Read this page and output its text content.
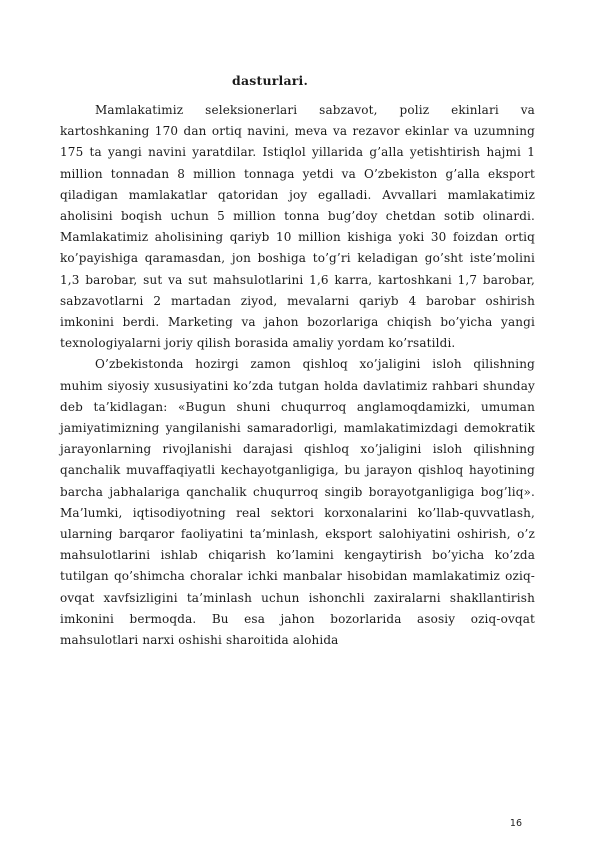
dasturlari.

Mamlakatimiz seleksionerlari sabzavot, poliz ekinlari va kartoshkaning 170 dan ortiq navini, meva va rezavor ekinlar va uzumning 175 ta yangi navini yaratdilar. Istiqlol yillarida g’alla yetishtirish hajmi 1 million tonnadan 8 million tonnaga yetdi va O’zbekiston g’alla eksport qiladigan mamlakatlar qatoridan joy egalladi. Avvallari mamlakatimiz aholisini boqish uchun 5 million tonna bug’doy chetdan sotib olinardi. Mamlakatimiz aholisining qariyb 10 million kishiga yoki 30 foizdan ortiq ko’payishiga qaramasdan, jon boshiga to’g’ri keladigan go’sht iste’molini 1,3 barobar, sut va sut mahsulotlarini 1,6 karra, kartoshkani 1,7 barobar, sabzavotlarni 2 martadan ziyod, mevalarni qariyb 4 barobar oshirish imkonini berdi. Marketing va jahon bozorlariga chiqish bo’yicha yangi texnologiyalarni joriy qilish borasida amaliy yordam ko’rsatildi.

O’zbekistonda hozirgi zamon qishloq xo’jaligini isloh qilishning muhim siyosiy xususiyatini ko’zda tutgan holda davlatimiz rahbari shunday deb ta’kidlagan: «Bugun shuni chuqurroq anglamoqdamizki, umuman jamiyatimizning yangilanishi samaradorligi, mamlakatimizdagi demokratik jarayonlarning rivojlanishi darajasi qishloq xo’jaligini isloh qilishning qanchalik muvaffaqiyatli kechayotganligiga, bu jarayon qishloq hayotining barcha jabhalariga qanchalik chuqurroq singib borayotganligiga bog’liq». Ma’lumki, iqtisodiyotning real sektori korxonalarini ko’llab-quvvatlash, ularning barqaror faoliyatini ta’minlash, eksport salohiyatini oshirish, o’z mahsulotlarini ishlab chiqarish ko’lamini kengaytirish bo’yicha ko’zda tutilgan qo’shimcha choralar ichki manbalar hisobidan mamlakatimiz oziq-ovqat xavfsizligini ta’minlash uchun ishonchli zaxiralarni shakllantirish imkonini bermoqda. Bu esa jahon bozorlarida asosiy oziq-ovqat mahsulotlari narxi oshishi sharoitida alohida

16
